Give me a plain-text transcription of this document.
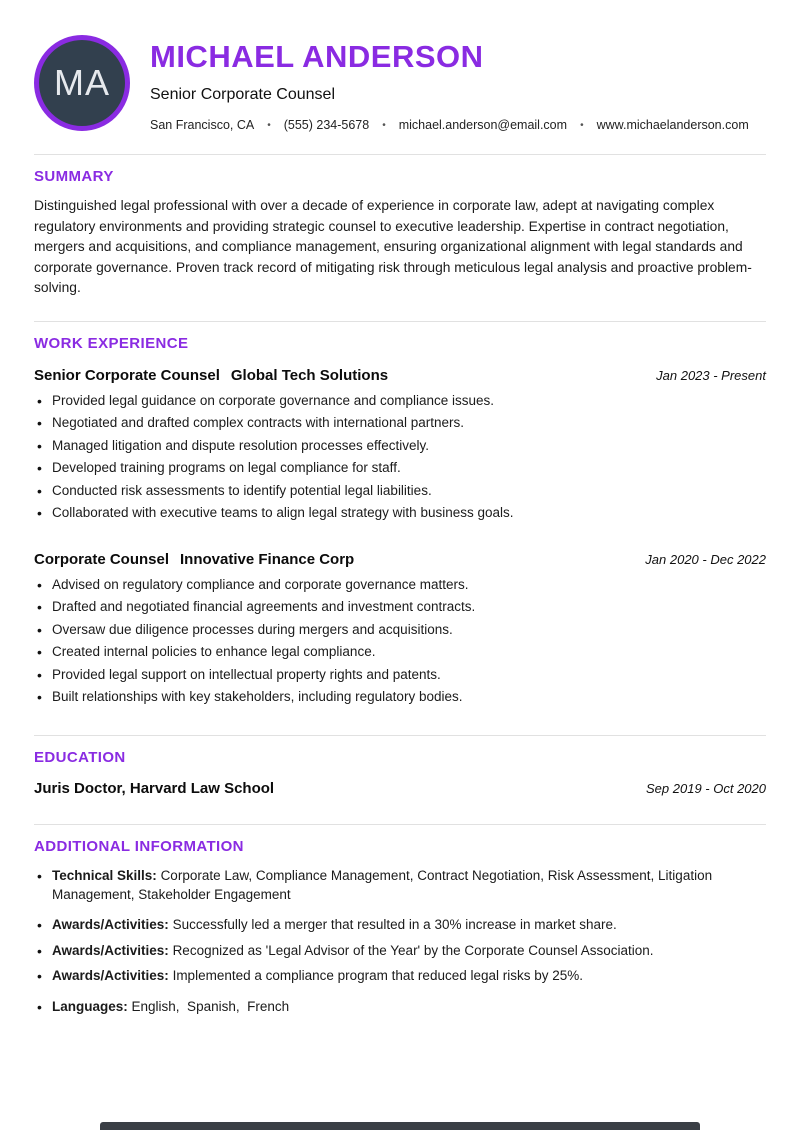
MA
MICHAEL ANDERSON
Senior Corporate Counsel
San Francisco, CA • (555) 234-5678 • michael.anderson@email.com • www.michaelanderson.com
SUMMARY

Distinguished legal professional with over a decade of experience in corporate law, adept at navigating complex regulatory environments and providing strategic counsel to executive leadership. Expertise in contract negotiation, mergers and acquisitions, and compliance management, ensuring organizational alignment with legal standards and corporate governance. Proven track record of mitigating risk through meticulous legal analysis and proactive problem-solving.

WORK EXPERIENCE
Senior Corporate Counsel Global Tech Solutions	Jan 2023 - Present
• Provided legal guidance on corporate governance and compliance issues.
• Negotiated and drafted complex contracts with international partners.
• Managed litigation and dispute resolution processes effectively.
• Developed training programs on legal compliance for staff.
• Conducted risk assessments to identify potential legal liabilities.
• Collaborated with executive teams to align legal strategy with business goals.
Corporate Counsel Innovative Finance Corp	Jan 2020 - Dec 2022
• Advised on regulatory compliance and corporate governance matters.
• Drafted and negotiated financial agreements and investment contracts.
• Oversaw due diligence processes during mergers and acquisitions.
• Created internal policies to enhance legal compliance.
• Provided legal support on intellectual property rights and patents.
• Built relationships with key stakeholders, including regulatory bodies.
EDUCATION
Juris Doctor, Harvard Law School	Sep 2019 - Oct 2020
ADDITIONAL INFORMATION
• Technical Skills: Corporate Law, Compliance Management, Contract Negotiation, Risk Assessment, Litigation Management, Stakeholder Engagement
• Awards/Activities: Successfully led a merger that resulted in a 30% increase in market share.
• Awards/Activities: Recognized as 'Legal Advisor of the Year' by the Corporate Counsel Association.
• Awards/Activities: Implemented a compliance program that reduced legal risks by 25%.
• Languages: English,  Spanish,  French
